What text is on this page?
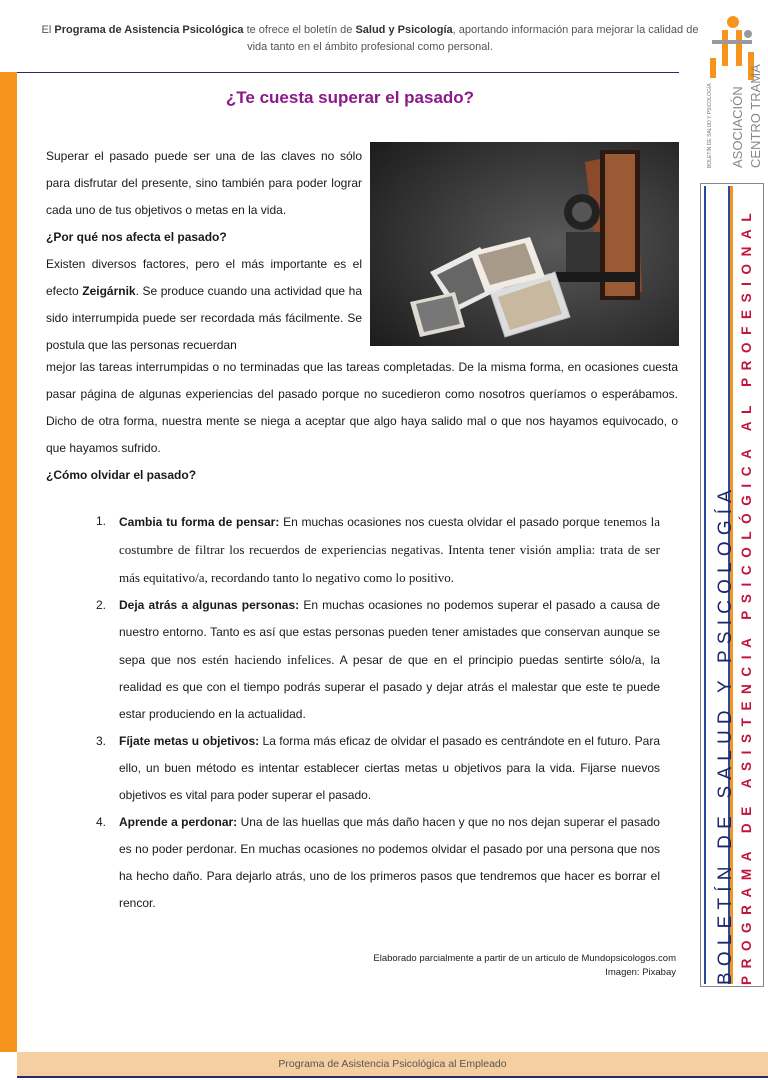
El Programa de Asistencia Psicológica te ofrece el boletín de Salud y Psicología, aportando información para mejorar la calidad de vida tanto en el ámbito profesional como personal.
BOLETÍN DE SALUD Y PSICOLOGÍA ASOCIACIÓN CENTRO TRAMA
¿Te cuesta superar el pasado?
Superar el pasado puede ser una de las claves no sólo para disfrutar del presente, sino también para poder lograr cada uno de tus objetivos o metas en la vida.
¿Por qué nos afecta el pasado?
Existen diversos factores, pero el más importante es el efecto Zeigárnik. Se produce cuando una actividad que ha sido interrumpida puede ser recordada más fácilmente. Se postula que las personas recuerdan
mejor las tareas interrumpidas o no terminadas que las tareas completadas. De la misma forma, en ocasiones cuesta pasar página de algunas experiencias del pasado porque no sucedieron como nosotros queríamos o esperábamos. Dicho de otra forma, nuestra mente se niega a aceptar que algo haya salido mal o que nos hayamos equivocado, o que hayamos sufrido.
¿Cómo olvidar el pasado?
1. Cambia tu forma de pensar: En muchas ocasiones nos cuesta olvidar el pasado porque tenemos la costumbre de filtrar los recuerdos de experiencias negativas. Intenta tener visión amplia: trata de ser más equitativo/a, recordando tanto lo negativo como lo positivo.
2. Deja atrás a algunas personas: En muchas ocasiones no podemos superar el pasado a causa de nuestro entorno. Tanto es así que estas personas pueden tener amistades que conservan aunque se sepa que nos estén haciendo infelices. A pesar de que en el principio puedas sentirte sólo/a, la realidad es que con el tiempo podrás superar el pasado y dejar atrás el malestar que este te puede estar produciendo en la actualidad.
3. Fíjate metas u objetivos: La forma más eficaz de olvidar el pasado es centrándote en el futuro. Para ello, un buen método es intentar establecer ciertas metas u objetivos para la vida. Fijarse nuevos objetivos es vital para poder superar el pasado.
4. Aprende a perdonar: Una de las huellas que más daño hacen y que no nos dejan superar el pasado es no poder perdonar. En muchas ocasiones no podemos olvidar el pasado por una persona que nos ha hecho daño. Para dejarlo atrás, uno de los primeros pasos que tendremos que hacer es borrar el rencor.
Elaborado parcialmente a partir de un articulo de Mundopsicologos.com
Imagen: Pixabay BOLETÍN DE SALUD Y PSICOLOGÍA PROGRAMA DE ASISTENCIA PSICOLÓGICA AL PROFESIONAL
Programa de Asistencia Psicológica al Empleado
